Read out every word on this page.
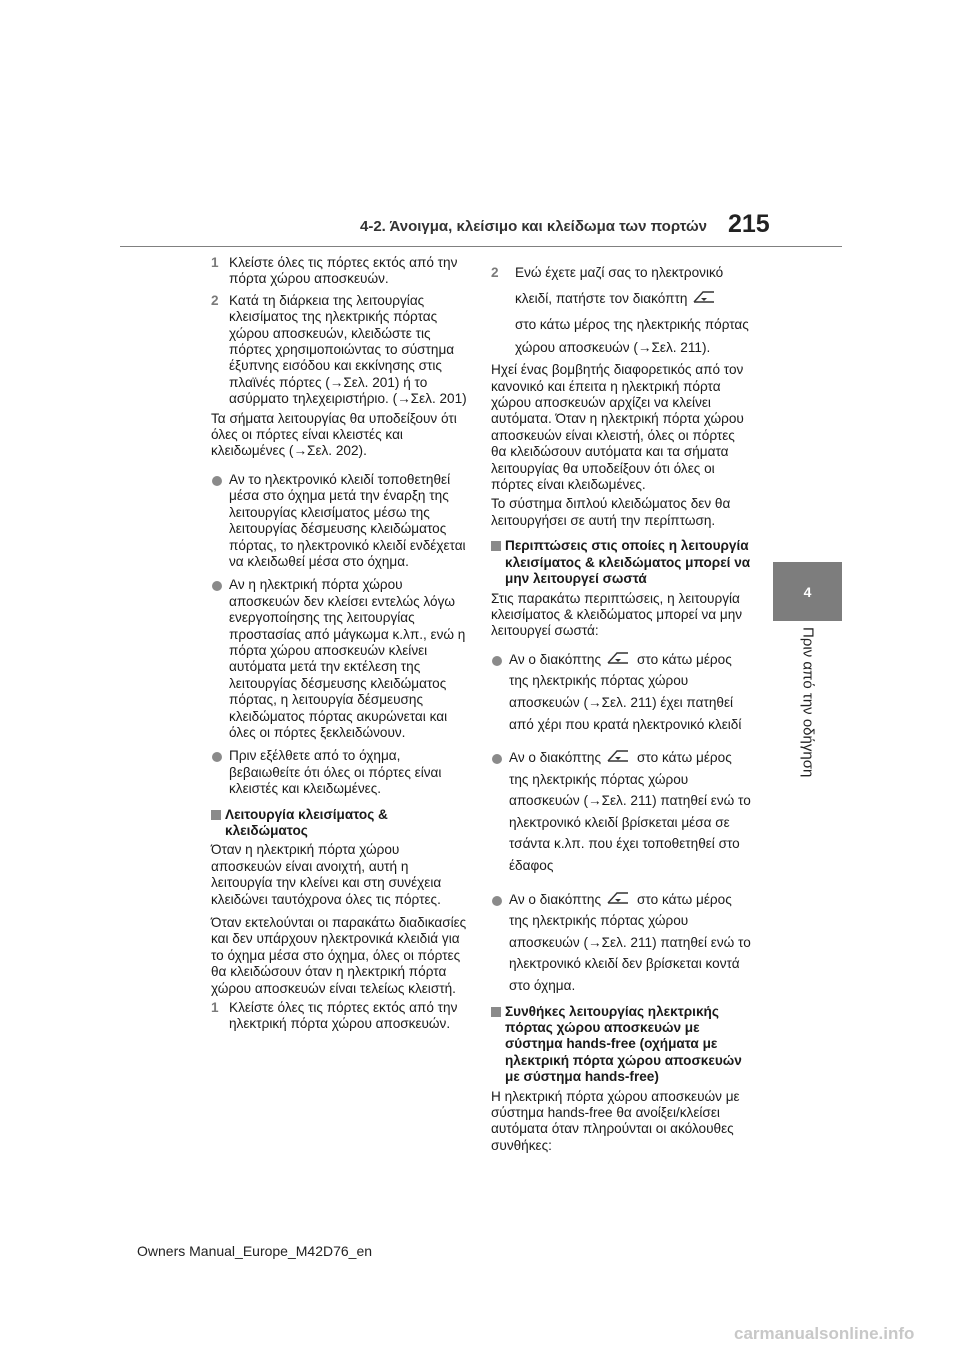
4-2. Άνοιγμα, κλείσιμο και κλείδωμα των πορτών 215
4
Πριν από την οδήγηση
1 Κλείστε όλες τις πόρτες εκτός από την πόρτα χώρου αποσκευών.
2 Κατά τη διάρκεια της λειτουργίας κλεισίματος της ηλεκτρικής πόρτας χώρου αποσκευών, κλειδώστε τις πόρτες χρησιμοποιώντας το σύστημα έξυπνης εισόδου και εκκίνησης στις πλαϊνές πόρτες (→Σελ. 201) ή το ασύρματο τηλεχειριστήριο. (→Σελ. 201)

Τα σήματα λειτουργίας θα υποδείξουν ότι όλες οι πόρτες είναι κλειστές και κλειδωμένες (→Σελ. 202).

Αν το ηλεκτρονικό κλειδί τοποθετηθεί μέσα στο όχημα μετά την έναρξη της λειτουργίας κλεισίματος μέσω της λειτουργίας δέσμευσης κλειδώματος πόρτας, το ηλεκτρονικό κλειδί ενδέχεται να κλειδωθεί μέσα στο όχημα.
Αν η ηλεκτρική πόρτα χώρου αποσκευών δεν κλείσει εντελώς λόγω ενεργοποίησης της λειτουργίας προστασίας από μάγκωμα κ.λπ., ενώ η πόρτα χώρου αποσκευών κλείνει αυτόματα μετά την εκτέλεση της λειτουργίας δέσμευσης κλειδώματος πόρτας, η λειτουργία δέσμευσης κλειδώματος πόρτας ακυρώνεται και όλες οι πόρτες ξεκλειδώνουν.
Πριν εξέλθετε από το όχημα, βεβαιωθείτε ότι όλες οι πόρτες είναι κλειστές και κλειδωμένες.
Λειτουργία κλεισίματος & κλειδώματος

Όταν η ηλεκτρική πόρτα χώρου αποσκευών είναι ανοιχτή, αυτή η λειτουργία την κλείνει και στη συνέχεια κλειδώνει ταυτόχρονα όλες τις πόρτες.

Όταν εκτελούνται οι παρακάτω διαδικασίες και δεν υπάρχουν ηλεκτρονικά κλειδιά για το όχημα μέσα στο όχημα, όλες οι πόρτες θα κλειδώσουν όταν η ηλεκτρική πόρτα χώρου αποσκευών είναι τελείως κλειστή.

1 Κλείστε όλες τις πόρτες εκτός από την ηλεκτρική πόρτα χώρου αποσκευών.
2 Ενώ έχετε μαζί σας το ηλεκτρονικό
κλειδί, πατήστε τον διακόπτη
στο κάτω μέρος της ηλεκτρικής πόρτας χώρου αποσκευών (→Σελ. 211).

Ηχεί ένας βομβητής διαφορετικός από τον κανονικό και έπειτα η ηλεκτρική πόρτα χώρου αποσκευών αρχίζει να κλείνει αυτόματα. Όταν η ηλεκτρική πόρτα χώρου αποσκευών είναι κλειστή, όλες οι πόρτες θα κλειδώσουν αυτόματα και τα σήματα λειτουργίας θα υποδείξουν ότι όλες οι πόρτες είναι κλειδωμένες.

Το σύστημα διπλού κλειδώματος δεν θα λειτουργήσει σε αυτή την περίπτωση.

Περιπτώσεις στις οποίες η λειτουργία κλεισίματος & κλειδώματος μπορεί να μην λειτουργεί σωστά

Στις παρακάτω περιπτώσεις, η λειτουργία κλεισίματος & κλειδώματος μπορεί να μην λειτουργεί σωστά:

Αν ο διακόπτης	στο κάτω μέρος της ηλεκτρικής πόρτας χώρου αποσκευών (→Σελ. 211) έχει πατηθεί από χέρι που κρατά ηλεκτρονικό κλειδί
Αν ο διακόπτης	στο κάτω μέρος της ηλεκτρικής πόρτας χώρου αποσκευών (→Σελ. 211) πατηθεί ενώ το ηλεκτρονικό κλειδί βρίσκεται μέσα σε τσάντα κ.λπ. που έχει τοποθετηθεί στο έδαφος
Αν ο διακόπτης	στο κάτω μέρος της ηλεκτρικής πόρτας χώρου αποσκευών (→Σελ. 211) πατηθεί ενώ το ηλεκτρονικό κλειδί δεν βρίσκεται κοντά στο όχημα.
Συνθήκες λειτουργίας ηλεκτρικής πόρτας χώρου αποσκευών με σύστημα hands-free (οχήματα με ηλεκτρική πόρτα χώρου αποσκευών με σύστημα hands-free)

Η ηλεκτρική πόρτα χώρου αποσκευών με σύστημα hands-free θα ανοίξει/κλείσει αυτόματα όταν πληρούνται οι ακόλουθες συνθήκες:

Owners Manual_Europe_M42D76_en
carmanualsonline.info
